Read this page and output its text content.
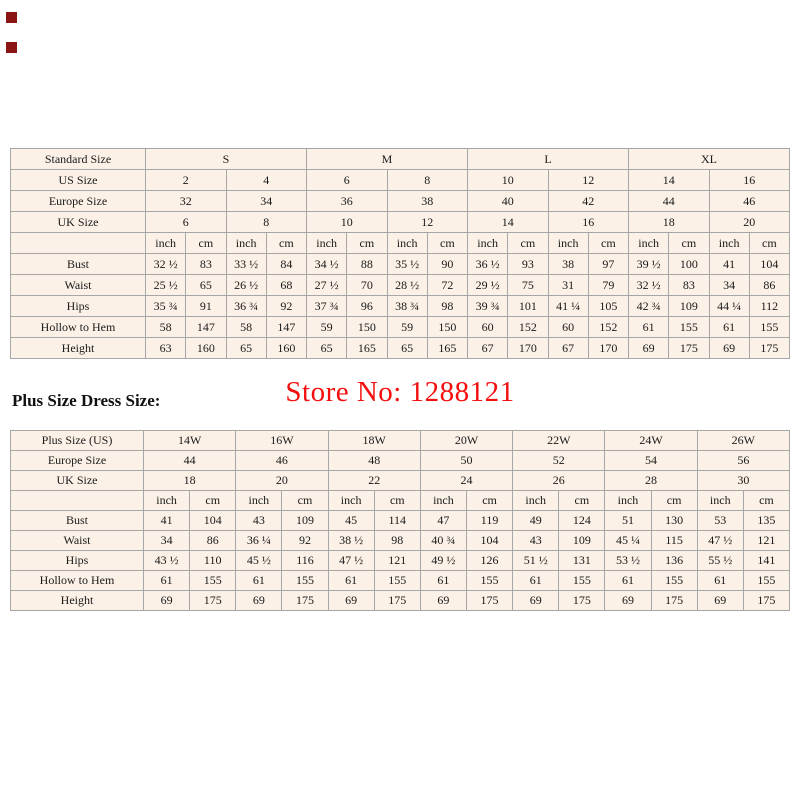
Standard Size	S				M				L				XL			
US Size	2		4		6		8		10		12		14		16	
Europe Size	32		34		36		38		40		42		44		46	
UK Size	6		8		10		12		14		16		18		20	
	inch	cm	inch	cm	inch	cm	inch	cm	inch	cm	inch	cm	inch	cm	inch	cm
Bust	32 ½	83	33 ½	84	34 ½	88	35 ½	90	36 ½	93	38	97	39 ½	100	41	104
Waist	25 ½	65	26 ½	68	27 ½	70	28 ½	72	29 ½	75	31	79	32 ½	83	34	86
Hips	35 ¾	91	36 ¾	92	37 ¾	96	38 ¾	98	39 ¾	101	41 ¼	105	42 ¾	109	44 ¼	112
Hollow to Hem	58	147	58	147	59	150	59	150	60	152	60	152	61	155	61	155
Height	63	160	65	160	65	165	65	165	67	170	67	170	69	175	69	175
Store No: 1288121
Plus Size Dress Size:
Plus Size (US)	14W		16W		18W		20W		22W		24W		26W	
Europe Size	44		46		48		50		52		54		56	
UK Size	18		20		22		24		26		28		30	
	inch	cm	inch	cm	inch	cm	inch	cm	inch	cm	inch	cm	inch	cm
Bust	41	104	43	109	45	114	47	119	49	124	51	130	53	135
Waist	34	86	36 ¼	92	38 ½	98	40 ¾	104	43	109	45 ¼	115	47 ½	121
Hips	43 ½	110	45 ½	116	47 ½	121	49 ½	126	51 ½	131	53 ½	136	55 ½	141
Hollow to Hem	61	155	61	155	61	155	61	155	61	155	61	155	61	155
Height	69	175	69	175	69	175	69	175	69	175	69	175	69	175
